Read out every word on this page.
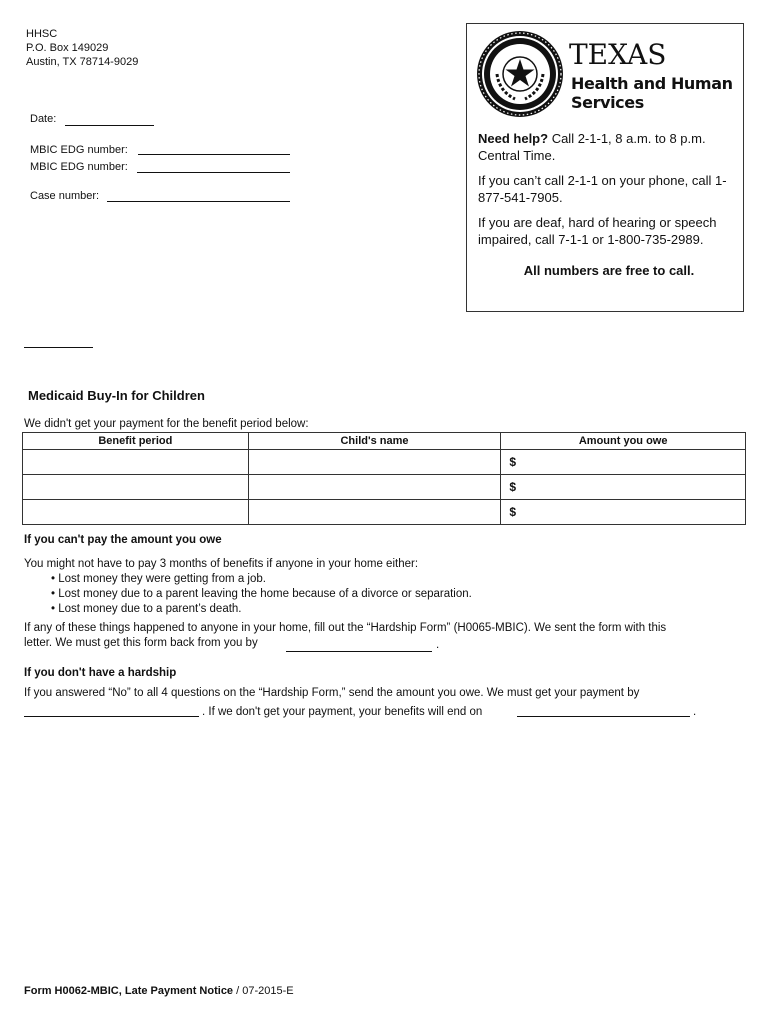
HHSC
P.O. Box 149029
Austin, TX 78714-9029
Date:
MBIC EDG number:
MBIC EDG number:
Case number:
TEXAS
Health and Human
Services

Need help? Call 2-1-1, 8 a.m. to 8 p.m. Central Time.

If you can’t call 2-1-1 on your phone, call 1-877-541-7905.

If you are deaf, hard of hearing or speech impaired, call 7-1-1 or 1-800-735-2989.

All numbers are free to call.

Medicaid Buy-In for Children
We didn't get your payment for the benefit period below:
Benefit period	Child's name	Amount you owe
		$
		$
		$
If you can't pay the amount you owe
You might not have to pay 3 months of benefits if anyone in your home either:
• Lost money they were getting from a job.
• Lost money due to a parent leaving the home because of a divorce or separation.
• Lost money due to a parent’s death.
If any of these things happened to anyone in your home, fill out the “Hardship Form” (H0065-MBIC). We sent the form with this
letter. We must get this form back from you by	.
If you don't have a hardship
If you answered “No” to all 4 questions on the “Hardship Form,” send the amount you owe. We must get your payment by
. If we don't get your payment, your benefits will end on	.
Form H0062-MBIC, Late Payment Notice / 07-2015-E
